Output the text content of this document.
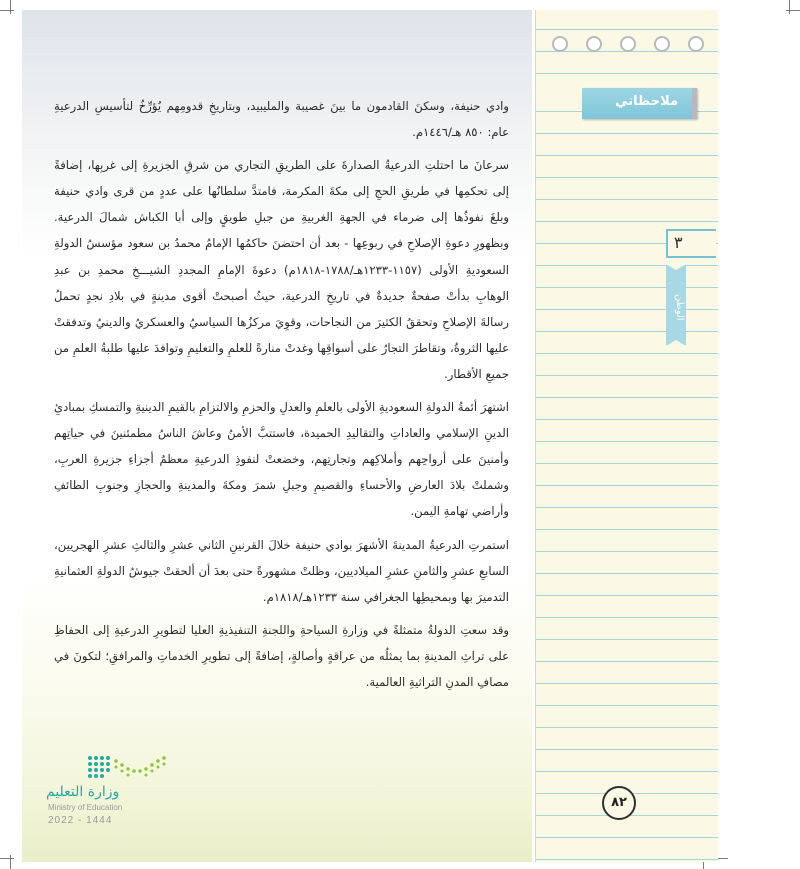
وادي حنيفة، وسكنَ القادمون ما بينَ غصيبة والمليبيد، وبتاريخِ قدومِهم يُؤرِّخُ لتأسيسِ الدرعيةِ عام: ٨٥٠ هـ/١٤٤٦م.

سرعانَ ما احتلتِ الدرعيةُ الصدارةَ على الطريقِ التجاري من شرقِ الجزيرةِ إلى غربِها، إضافةً إلى تحكمِها في طريقِ الحجِ إلى مكةَ المكرمة، فامتدَّ سلطانُها على عددٍ من قرى وادي حنيفة وبلغَ نفوذُها إلى ضرماء في الجهةِ الغربيةِ من جبلِ طويقٍ وإلى أبا الكباش شمالَ الدرعية. وبظهورِ دعوةِ الإصلاحِ في ربوعِها - بعد أن احتضنَ حاكمُها الإمامُ محمدُ بن سعود مؤسسُ الدولةِ السعوديةِ الأولى (١١٥٧-١٢٣٣هـ/١٧٨٨-١٨١٨م) دعوةَ الإمامِ المجددِ الشيـــخِ محمدِ بن عبدِ الوهابِ بدأتْ صفحةٌ جديدةٌ في تاريخِ الدرعية، حيثُ أصبحتْ أقوى مدينةٍ في بلادِ نجدٍ تحملُ رسالةَ الإصلاحِ وتحققُ الكثيرَ من النجاحات، وقوِيَ مركزُها السياسيُ والعسكريُ والدينيُ وتدفقتْ عليها الثروةُ، وتقاطرَ التجارُ على أسواقِها وغدتْ منارةً للعلمِ والتعليمِ وتوافدَ عليها طلبةُ العلمِ من جميعِ الأقطار.

اشتهرَ أئمةُ الدولةِ السعوديةِ الأولى بالعلمِ والعدلِ والحزمِ والالتزامِ بالقيمِ الدينيةِ والتمسكِ بمبادئِ الدينِ الإسلامي والعاداتِ والتقاليدِ الحميدة، فاستتبَّ الأمنُ وعاشَ الناسُ مطمئنينَ في حياتِهم وأمنينَ على أرواحِهم وأملاكِهم وتجارتِهم، وخضعتْ لنفوذِ الدرعيةِ معظمُ أجزاءِ جزيرةِ العربِ، وشملتْ بلادَ العارضِ والأحساءِ والقصيمِ وجبلِ شمرَ ومكةَ والمدينةِ والحجازِ وجنوبِ الطائفِ وأراضي تهامةِ اليمن.

استمرتِ الدرعيةُ المدينةَ الأشهرَ بوادي حنيفة خلالَ القرنينِ الثاني عشرِ والثالثِ عشرِ الهجريين، السابعِ عشرِ والثامنِ عشرِ الميلاديين، وظلتْ مشهورةً حتى بعدَ أن ألحقتْ جيوشُ الدولةِ العثمانيةِ التدميرَ بها وبمحيطِها الجغرافي سنة ١٢٣٣هـ/١٨١٨م.

وقد سعتِ الدولةُ متمثلةً في وزارةِ السياحةِ واللجنةِ التنفيذيةِ العليا لتطويرِ الدرعيةِ إلى الحفاظِ على تراثِ المدينةِ بما يمثلُه من عراقةٍ وأصالةٍ، إضافةً إلى تطويرِ الخدماتِ والمرافقِ؛ لتكونَ في مصافِ المدنِ التراثيةِ العالمية.

وزارة التعليم
Ministry of Education
2022 - 1444
ملاحظاتي
٣
الوطن
٨٢
